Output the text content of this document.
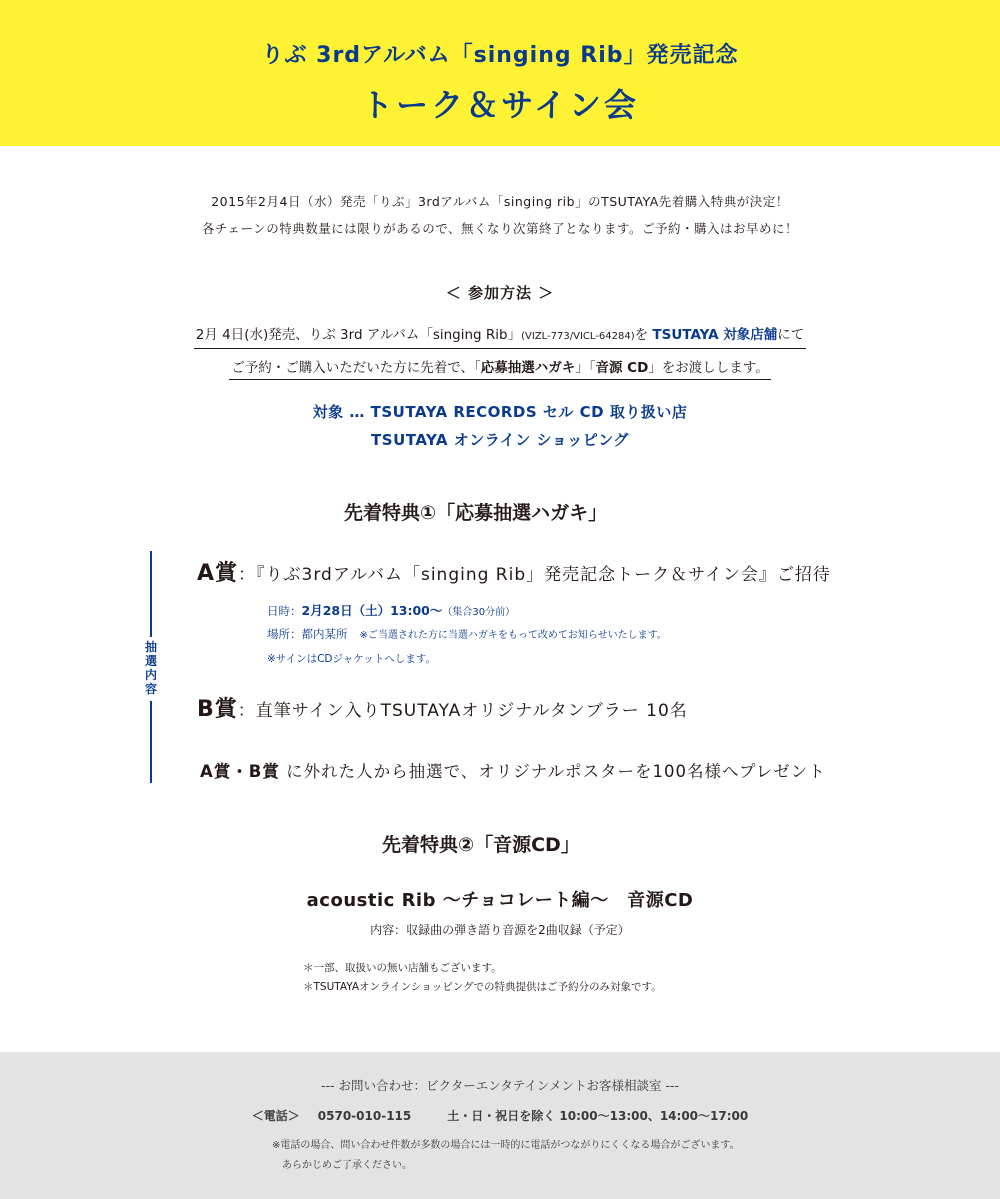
りぶ 3rdアルバム「singing Rib」発売記念
トーク＆サイン会
2015年2月4日（水）発売「りぶ」3rdアルバム「singing rib」のTSUTAYA先着購入特典が決定！
各チェーンの特典数量には限りがあるので、無くなり次第終了となります。ご予約・購入はお早めに！
＜ 参加方法 ＞
2月 4日(水)発売、りぶ 3rd アルバム「singing Rib」(VIZL-773/VICL-64284)を TSUTAYA 対象店舗にて
ご予約・ご購入いただいた方に先着で、「応募抽選ハガキ」「音源 CD」をお渡しします。
対象 … TSUTAYA RECORDS セル CD 取り扱い店
TSUTAYA オンライン ショッピング
先着特典①「応募抽選ハガキ」
抽選内容
A賞：『りぶ3rdアルバム「singing Rib」発売記念トーク＆サイン会』ご招待
日時：2月28日（土）13:00～（集合30分前）
場所：都内某所 ※ご当選された方に当選ハガキをもって改めてお知らせいたします。
※サインはCDジャケットへします。
B賞：直筆サイン入りTSUTAYAオリジナルタンブラー 10名
A賞・B賞 に外れた人から抽選で、オリジナルポスターを100名様へプレゼント
先着特典②「音源CD」
acoustic Rib ～チョコレート編～　音源CD
内容：収録曲の弾き語り音源を2曲収録（予定）
＊一部、取扱いの無い店舗もございます。
＊TSUTAYAオンラインショッピングでの特典提供はご予約分のみ対象です。
--- お問い合わせ：ビクターエンタテインメントお客様相談室 ---
＜電話＞ 0570-010-115	土・日・祝日を除く 10:00～13:00、14:00～17:00
※電話の場合、問い合わせ件数が多数の場合には一時的に電話がつながりにくくなる場合がございます。
　あらかじめご了承ください。
